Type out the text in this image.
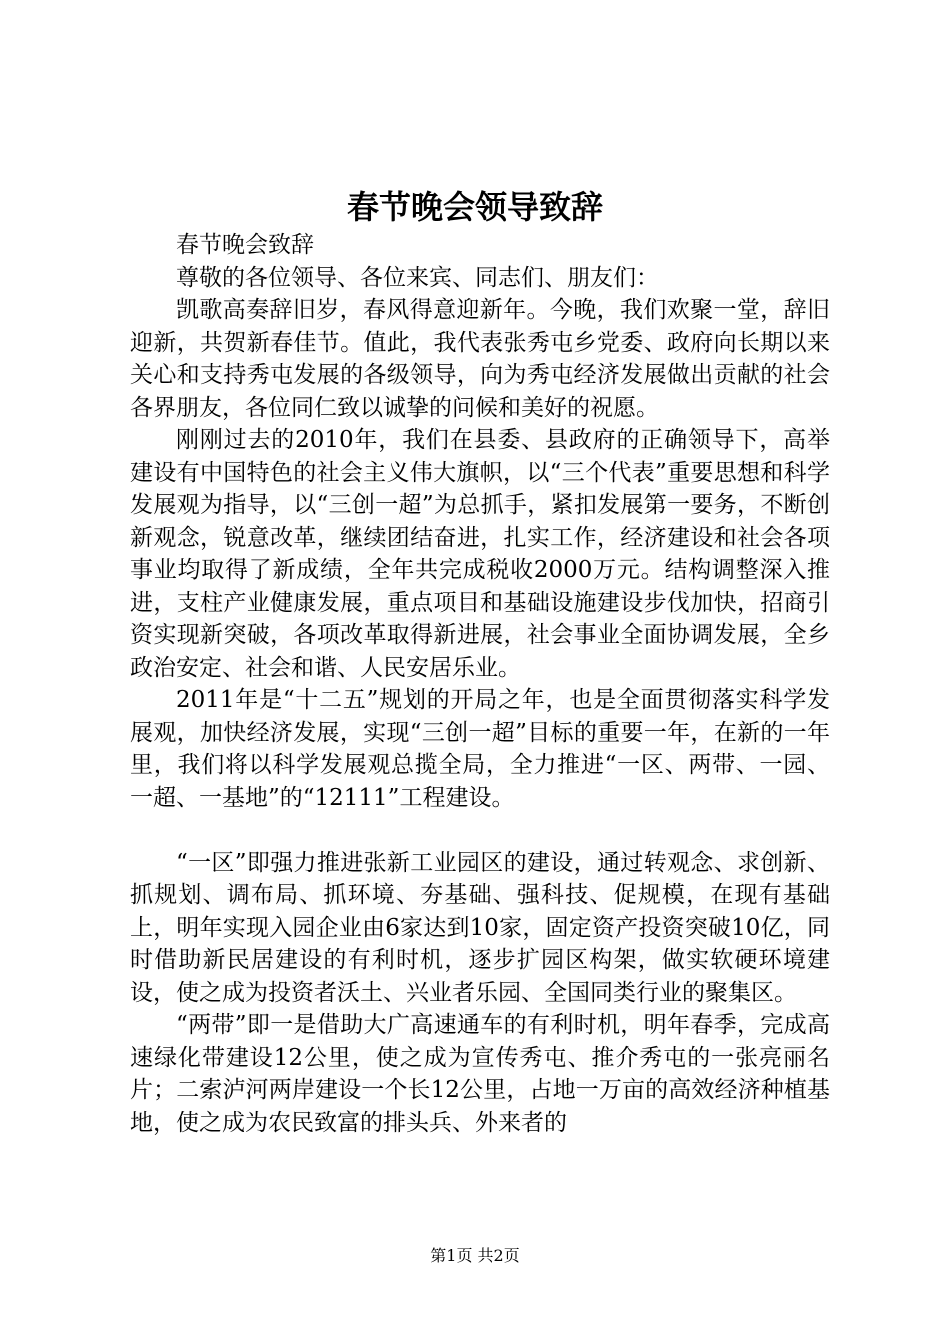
春节晚会领导致辞

春节晚会致辞

尊敬的各位领导、各位来宾、同志们、朋友们：

凯歌高奏辞旧岁，春风得意迎新年。今晚，我们欢聚一堂，辞旧迎新，共贺新春佳节。值此，我代表张秀屯乡党委、政府向长期以来关心和支持秀屯发展的各级领导，向为秀屯经济发展做出贡献的社会各界朋友，各位同仁致以诚挚的问候和美好的祝愿。

刚刚过去的2010年，我们在县委、县政府的正确领导下，高举建设有中国特色的社会主义伟大旗帜，以“三个代表”重要思想和科学发展观为指导，以“三创一超”为总抓手，紧扣发展第一要务，不断创新观念，锐意改革，继续团结奋进，扎实工作，经济建设和社会各项事业均取得了新成绩，全年共完成税收2000万元。结构调整深入推进，支柱产业健康发展，重点项目和基础设施建设步伐加快，招商引资实现新突破，各项改革取得新进展，社会事业全面协调发展，全乡政治安定、社会和谐、人民安居乐业。

2011年是“十二五”规划的开局之年，也是全面贯彻落实科学发展观，加快经济发展，实现“三创一超”目标的重要一年，在新的一年里，我们将以科学发展观总揽全局，全力推进“一区、两带、一园、一超、一基地”的“12111”工程建设。

“一区”即强力推进张新工业园区的建设，通过转观念、求创新、抓规划、调布局、抓环境、夯基础、强科技、促规模，在现有基础上，明年实现入园企业由6家达到10家，固定资产投资突破10亿，同时借助新民居建设的有利时机，逐步扩园区构架，做实软硬环境建设，使之成为投资者沃土、兴业者乐园、全国同类行业的聚集区。

“两带”即一是借助大广高速通车的有利时机，明年春季，完成高速绿化带建设12公里，使之成为宣传秀屯、推介秀屯的一张亮丽名片；二索泸河两岸建设一个长12公里，占地一万亩的高效经济种植基地，使之成为农民致富的排头兵、外来者的

第1页 共2页
